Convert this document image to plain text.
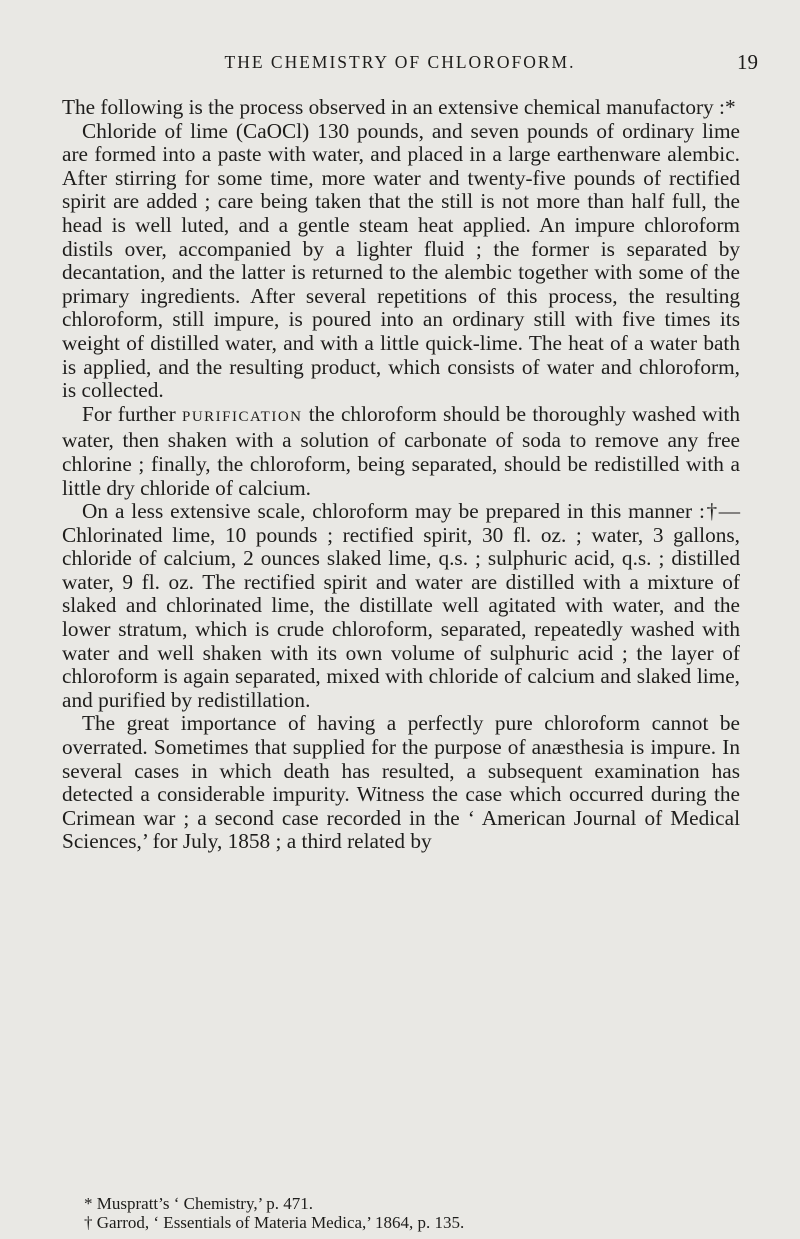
THE CHEMISTRY OF CHLOROFORM.	19

The following is the process observed in an extensive chemical manufactory :*

Chloride of lime (CaOCl) 130 pounds, and seven pounds of ordinary lime are formed into a paste with water, and placed in a large earthenware alembic. After stirring for some time, more water and twenty-five pounds of rectified spirit are added ; care being taken that the still is not more than half full, the head is well luted, and a gentle steam heat applied. An impure chloroform distils over, accompanied by a lighter fluid ; the former is separated by decantation, and the latter is returned to the alembic together with some of the primary ingredients. After several repetitions of this process, the resulting chloroform, still impure, is poured into an ordinary still with five times its weight of distilled water, and with a little quick-lime. The heat of a water bath is applied, and the resulting product, which consists of water and chloroform, is collected.

For further PURIFICATION the chloroform should be thoroughly washed with water, then shaken with a solution of carbonate of soda to remove any free chlorine ; finally, the chloroform, being separated, should be redistilled with a little dry chloride of calcium.

On a less extensive scale, chloroform may be prepared in this manner :†—Chlorinated lime, 10 pounds ; rectified spirit, 30 fl. oz. ; water, 3 gallons, chloride of calcium, 2 ounces slaked lime, q.s. ; sulphuric acid, q.s. ; distilled water, 9 fl. oz. The rectified spirit and water are distilled with a mixture of slaked and chlorinated lime, the distillate well agitated with water, and the lower stratum, which is crude chloroform, separated, repeatedly washed with water and well shaken with its own volume of sulphuric acid ; the layer of chloroform is again separated, mixed with chloride of calcium and slaked lime, and purified by redistillation.

The great importance of having a perfectly pure chloroform cannot be overrated. Sometimes that supplied for the purpose of anæsthesia is impure. In several cases in which death has resulted, a subsequent examination has detected a considerable impurity. Witness the case which occurred during the Crimean war ; a second case recorded in the ‘ American Journal of Medical Sciences,’ for July, 1858 ; a third related by

* Muspratt’s ‘ Chemistry,’ p. 471.
† Garrod, ‘ Essentials of Materia Medica,’ 1864, p. 135.
